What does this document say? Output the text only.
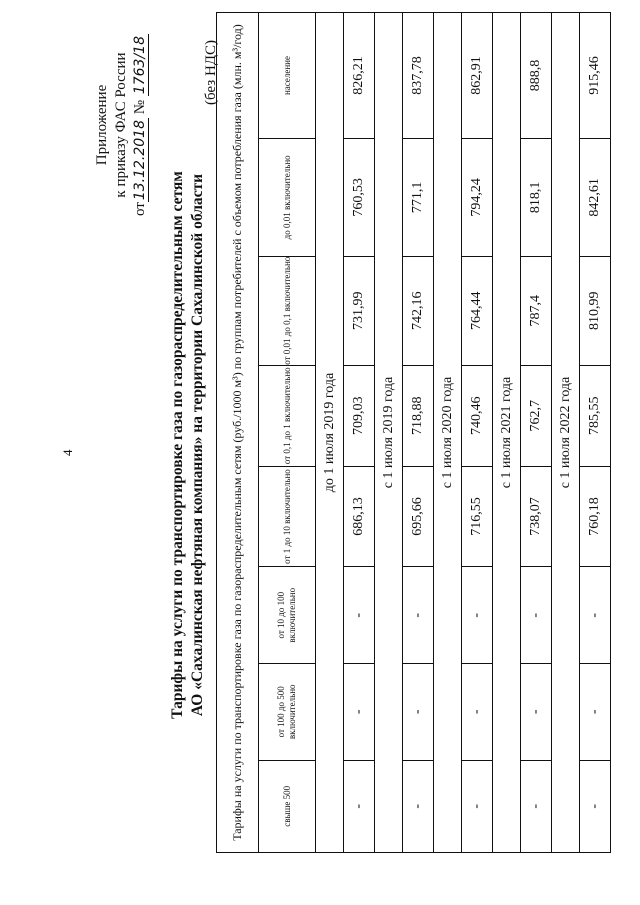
4
Приложение к приказу ФАС России
от13.12.2018 № 1763/18
Тарифы на услуги по транспортировке газа по газораспределительным сетям АО «Сахалинская нефтяная компания» на территории Сахалинской области
(без НДС) Тарифы на услуги по транспортировке газа по газораспределительным сетям (руб./1000 м³) по группам потребителей с объемом потребления газа (млн. м³/год)							
свыше 500	от 100 до 500 включительно	от 10 до 100 включительно	от 1 до 10 включительно	от 0,1 до 1 включительно	от 0,01 до 0,1 включительно	до 0,01 включительно	население
до 1 июля 2019 года							
-	-	-	686,13	709,03	731,99	760,53	826,21
с 1 июля 2019 года							
-	-	-	695,66	718,88	742,16	771,1	837,78
с 1 июля 2020 года							
-	-	-	716,55	740,46	764,44	794,24	862,91
с 1 июля 2021 года							
-	-	-	738,07	762,7	787,4	818,1	888,8
с 1 июля 2022 года							
-	-	-	760,18	785,55	810,99	842,61	915,46
